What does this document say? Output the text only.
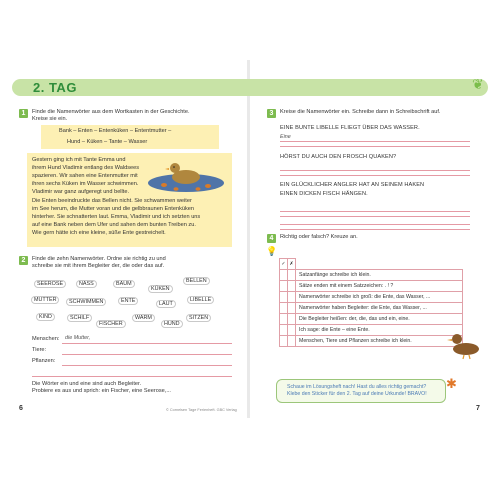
2. TAG	❦
1	Finde die Namenwörter aus dem Wortkasten in der Geschichte.
Kreise sie ein.
Bank – Enten – Entenküken – Ententmutter –
Hund – Küken – Tante – Wasser
Gestern ging ich mit Tante Emma und
ihrem Hund Vladimir entlang des Waldsees
spazieren. Wir sahen eine Entenmutter mit
ihren sechs Küken im Wasser schwimmen.
Vladimir war ganz aufgeregt und bellte.
Die Enten beeindruckte das Bellen nicht. Sie schwammen weiter
im See herum, die Mutter voran und die gelbbraunen Entenküken
hinterher. Sie schnatterten laut. Emma, Vladimir und ich setzten uns
auf eine Bank neben dem Ufer und sahen dem bunten Treiben zu.
Wie gern hätte ich eine kleine, süße Ente gestreichelt.
2	Finde die zehn Namenwörter. Ordne sie richtig zu und
schreibe sie mit ihrem Begleiter der, die oder das auf.
SEEROSE	NASS	BAUM
KÜKEN
BELLEN
MUTTER	SCHWIMMEN	ENTE	LAUT
LIBELLE
KIND	SCHILF
FISCHER
WARM
HUND
SITZEN
Menschen: die Mutter,
Tiere:
Pflanzen:
Die Wörter ein und eine sind auch Begleiter.
Probiere es aus und sprich: ein Fischer, eine Seerose,...
3	Kreise die Namenwörter ein. Schreibe dann in Schreibschrift auf.
EINE BUNTE LIBELLE FLIEGT ÜBER DAS WASSER.
Eine
HÖRST DU AUCH DEN FROSCH QUAKEN?
EIN GLÜCKLICHER ANGLER HAT AN SEINEM HAKEN
EINEN DICKEN FISCH HÄNGEN.
4	Richtig oder falsch? Kreuze an.
💡
✓	✗	
		Satzanfänge schreibe ich klein.
		Sätze enden mit einem Satzzeichen: . ! ?
		Namenwörter schreibe ich groß: die Ente, das Wasser, ...
		Namenwörter haben Begleiter: die Ente, das Wasser, ...
		Die Begleiter heißen: der, die, das und ein, eine.
		Ich sage: die Ente – eine Ente.
		Menschen, Tiere und Pflanzen schreibe ich klein.
Schaue im Lösungsheft nach! Hast du alles richtig gemacht?
Klebe den Sticker für den 2. Tag auf deine Urkunde! BRAVO!
✱
6	© Cornelsen Tage Ferienheft. GBC Verlag	7
